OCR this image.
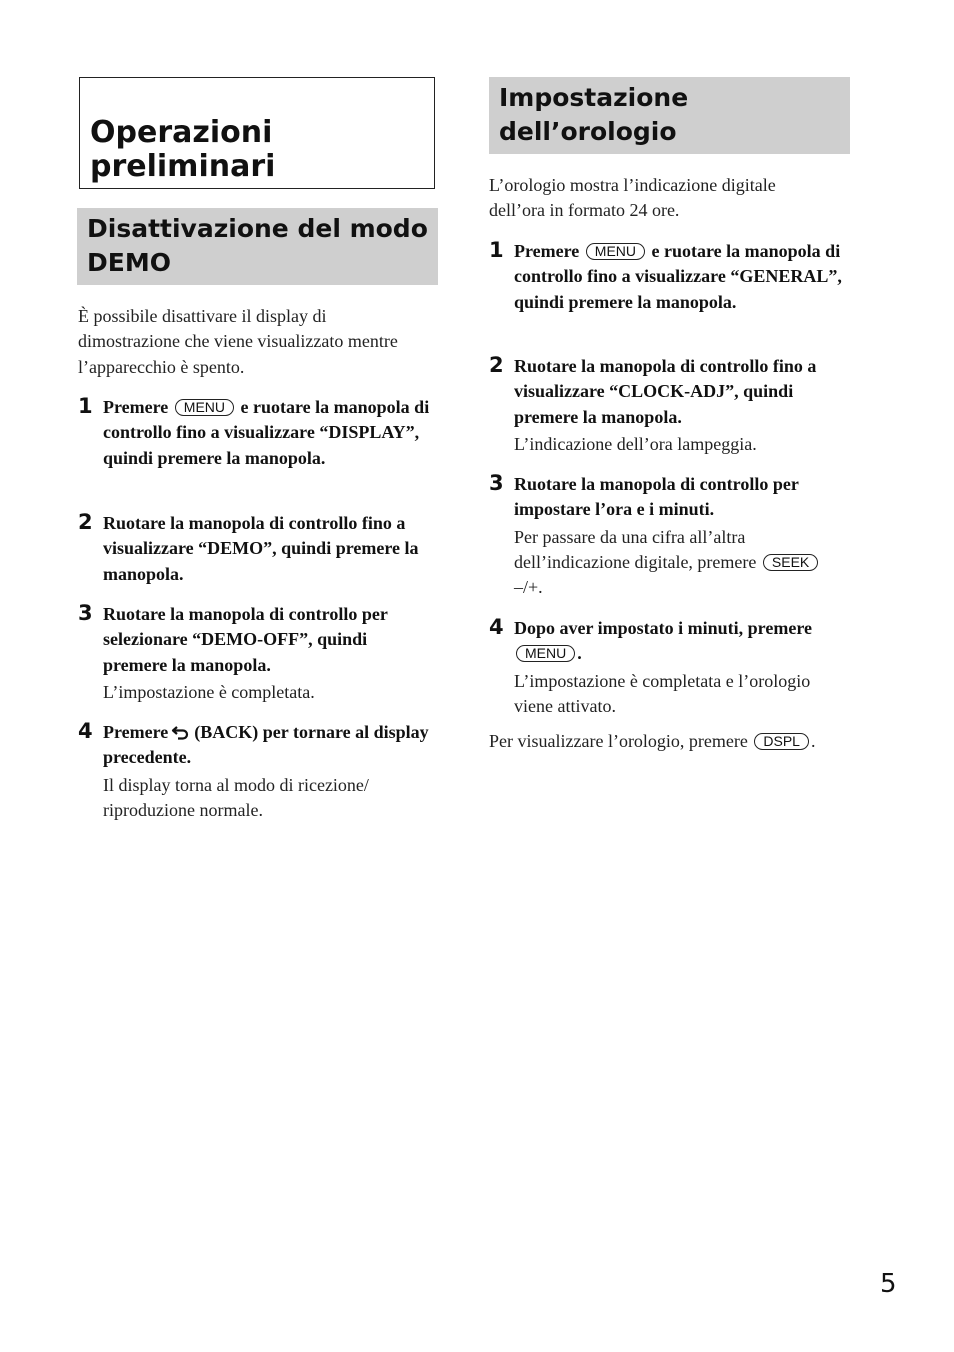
Operazioni
preliminari
Disattivazione del modo
DEMO

È possibile disattivare il display di dimostrazione che viene visualizzato mentre l’apparecchio è spento.

1 Premere MENU e ruotare la manopola di controllo fino a visualizzare “DISPLAY”, quindi premere la manopola.

2 Ruotare la manopola di controllo fino a visualizzare “DEMO”, quindi premere la manopola.

3 Ruotare la manopola di controllo per selezionare “DEMO-OFF”, quindi premere la manopola.

L’impostazione è completata.

4 Premere (BACK) per tornare al display precedente.

Il display torna al modo di ricezione/ riproduzione normale.

Impostazione
dell’orologio

L’orologio mostra l’indicazione digitale dell’ora in formato 24 ore.

1 Premere MENU e ruotare la manopola di controllo fino a visualizzare “GENERAL”, quindi premere la manopola.

2 Ruotare la manopola di controllo fino a visualizzare “CLOCK-ADJ”, quindi premere la manopola.

L’indicazione dell’ora lampeggia.

3 Ruotare la manopola di controllo per impostare l’ora e i minuti.

Per passare da una cifra all’altra dell’indicazione digitale, premere SEEK –/+.

4 Dopo aver impostato i minuti, premere MENU .

L’impostazione è completata e l’orologio viene attivato.

Per visualizzare l’orologio, premere DSPL .

5
